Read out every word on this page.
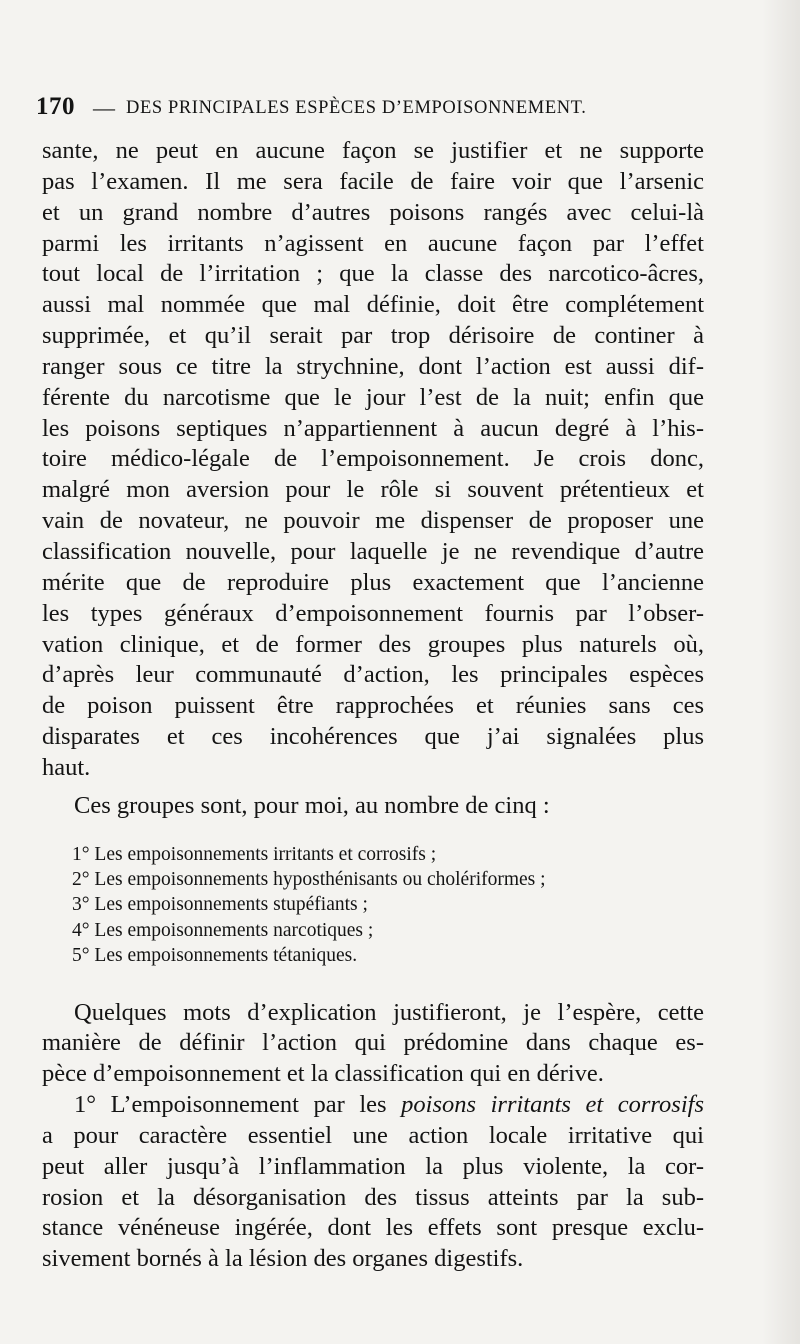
170 — DES PRINCIPALES ESPÈCES D’EMPOISONNEMENT.
sante, ne peut en aucune façon se justifier et ne supporte
pas l’examen. Il me sera facile de faire voir que l’arsenic
et un grand nombre d’autres poisons rangés avec celui-là
parmi les irritants n’agissent en aucune façon par l’effet
tout local de l’irritation ; que la classe des narcotico-âcres,
aussi mal nommée que mal définie, doit être complétement
supprimée, et qu’il serait par trop dérisoire de continer à
ranger sous ce titre la strychnine, dont l’action est aussi dif-
férente du narcotisme que le jour l’est de la nuit; enfin que
les poisons septiques n’appartiennent à aucun degré à l’his-
toire médico-légale de l’empoisonnement. Je crois donc,
malgré mon aversion pour le rôle si souvent prétentieux et
vain de novateur, ne pouvoir me dispenser de proposer une
classification nouvelle, pour laquelle je ne revendique d’autre
mérite que de reproduire plus exactement que l’ancienne
les types généraux d’empoisonnement fournis par l’obser-
vation clinique, et de former des groupes plus naturels où,
d’après leur communauté d’action, les principales espèces
de poison puissent être rapprochées et réunies sans ces
disparates et ces incohérences que j’ai signalées plus
haut.
Ces groupes sont, pour moi, au nombre de cinq :
1° Les empoisonnements irritants et corrosifs ;
2° Les empoisonnements hyposthénisants ou cholériformes ;
3° Les empoisonnements stupéfiants ;
4° Les empoisonnements narcotiques ;
5° Les empoisonnements tétaniques.
Quelques mots d’explication justifieront, je l’espère, cette
manière de définir l’action qui prédomine dans chaque es-
pèce d’empoisonnement et la classification qui en dérive.
1° L’empoisonnement par les poisons irritants et corrosifs
a pour caractère essentiel une action locale irritative qui
peut aller jusqu’à l’inflammation la plus violente, la cor-
rosion et la désorganisation des tissus atteints par la sub-
stance vénéneuse ingérée, dont les effets sont presque exclu-
sivement bornés à la lésion des organes digestifs.
